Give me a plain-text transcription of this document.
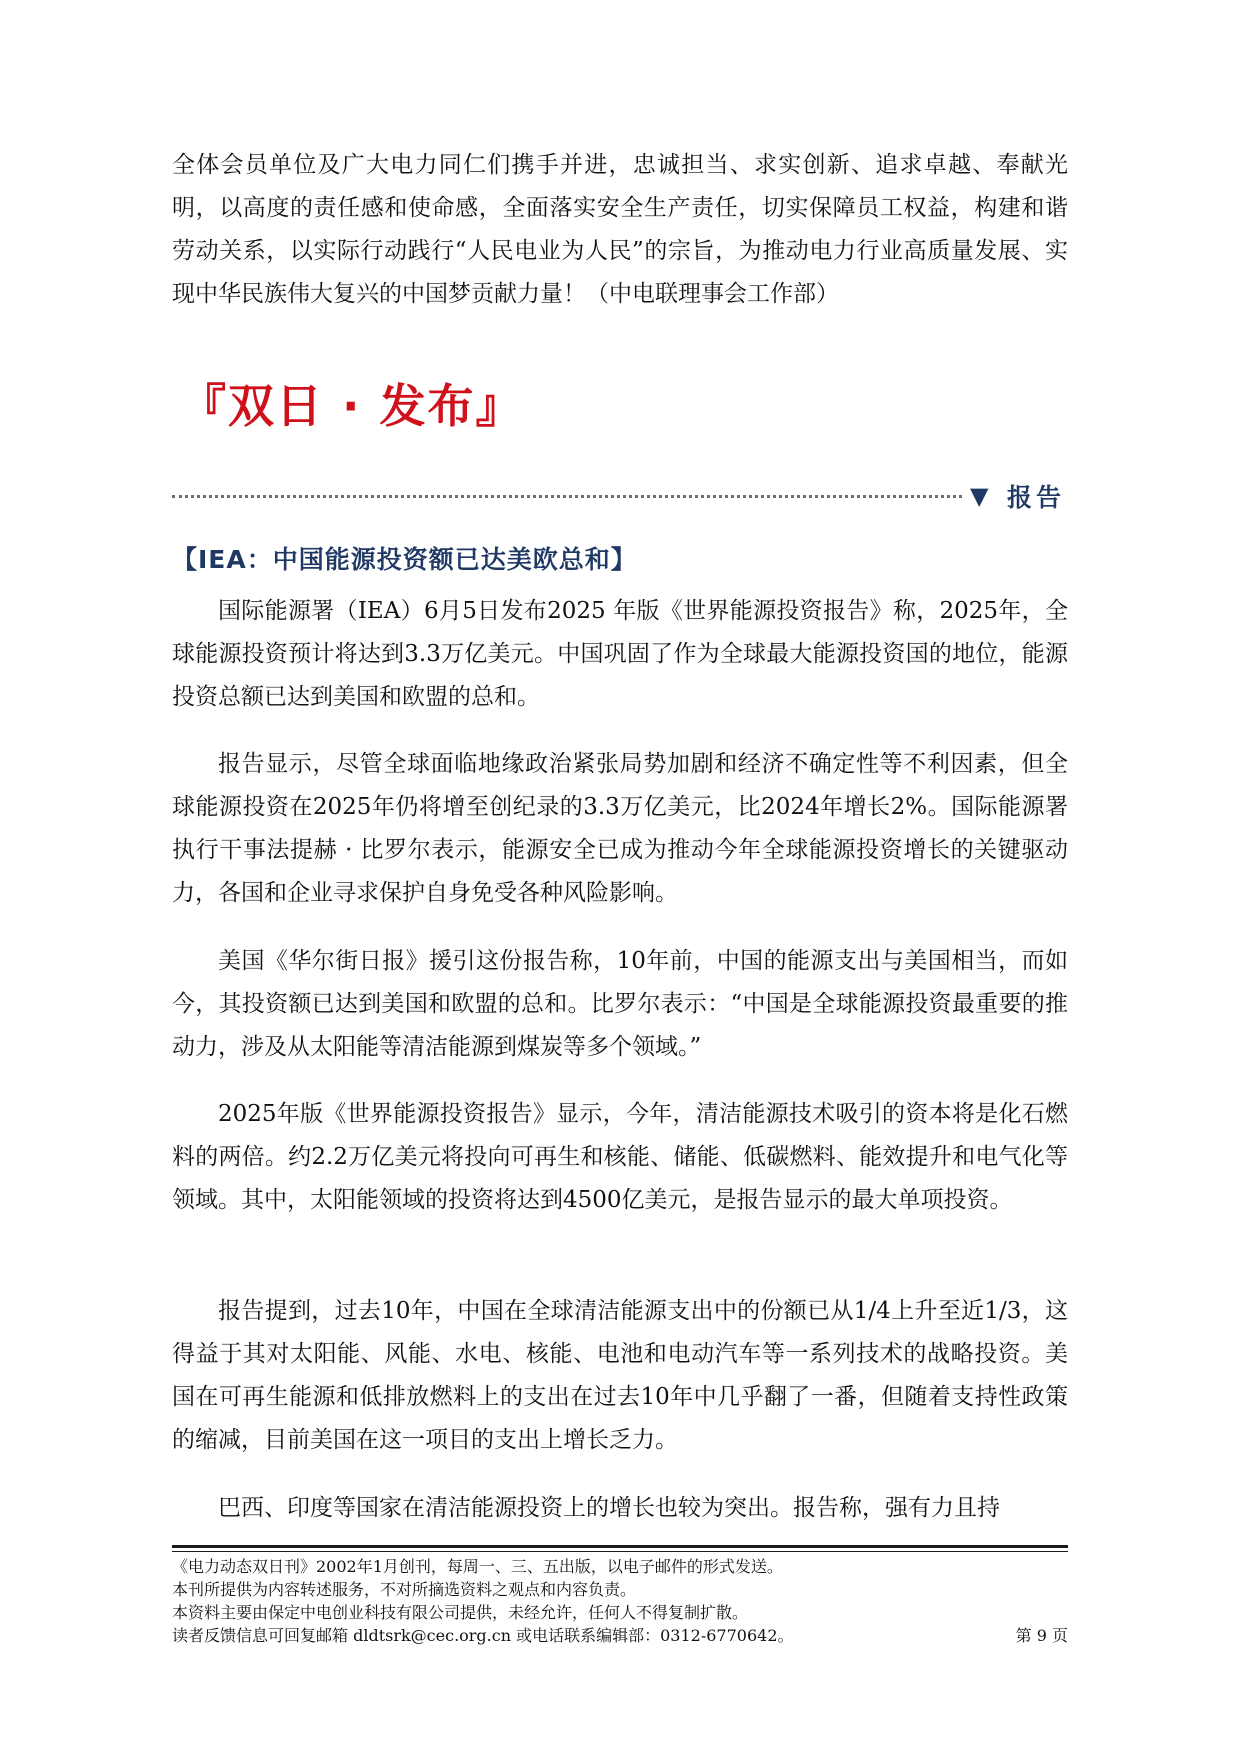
全体会员单位及广大电力同仁们携手并进，忠诚担当、求实创新、追求卓越、奉献光明，以高度的责任感和使命感，全面落实安全生产责任，切实保障员工权益，构建和谐劳动关系，以实际行动践行“人民电业为人民”的宗旨，为推动电力行业高质量发展、实现中华民族伟大复兴的中国梦贡献力量！（中电联理事会工作部）

『双日 · 发布』
▼ 报告
【IEA：中国能源投资额已达美欧总和】

国际能源署（IEA）6月5日发布2025 年版《世界能源投资报告》称，2025年，全球能源投资预计将达到3.3万亿美元。中国巩固了作为全球最大能源投资国的地位，能源投资总额已达到美国和欧盟的总和。

报告显示，尽管全球面临地缘政治紧张局势加剧和经济不确定性等不利因素，但全球能源投资在2025年仍将增至创纪录的3.3万亿美元，比2024年增长2%。国际能源署执行干事法提赫 · 比罗尔表示，能源安全已成为推动今年全球能源投资增长的关键驱动力，各国和企业寻求保护自身免受各种风险影响。

美国《华尔街日报》援引这份报告称，10年前，中国的能源支出与美国相当，而如今，其投资额已达到美国和欧盟的总和。比罗尔表示：“中国是全球能源投资最重要的推动力，涉及从太阳能等清洁能源到煤炭等多个领域。”

2025年版《世界能源投资报告》显示，今年，清洁能源技术吸引的资本将是化石燃料的两倍。约2.2万亿美元将投向可再生和核能、储能、低碳燃料、能效提升和电气化等领域。其中，太阳能领域的投资将达到4500亿美元，是报告显示的最大单项投资。

报告提到，过去10年，中国在全球清洁能源支出中的份额已从1/4上升至近1/3，这得益于其对太阳能、风能、水电、核能、电池和电动汽车等一系列技术的战略投资。美国在可再生能源和低排放燃料上的支出在过去10年中几乎翻了一番，但随着支持性政策的缩减，目前美国在这一项目的支出上增长乏力。

巴西、印度等国家在清洁能源投资上的增长也较为突出。报告称，强有力且持

《电力动态双日刊》2002年1月创刊，每周一、三、五出版，以电子邮件的形式发送。
本刊所提供为内容转述服务，不对所摘选资料之观点和内容负责。
本资料主要由保定中电创业科技有限公司提供，未经允许，任何人不得复制扩散。
读者反馈信息可回复邮箱 dldtsrk@cec.org.cn 或电话联系编辑部：0312-6770642。	第 9 页
